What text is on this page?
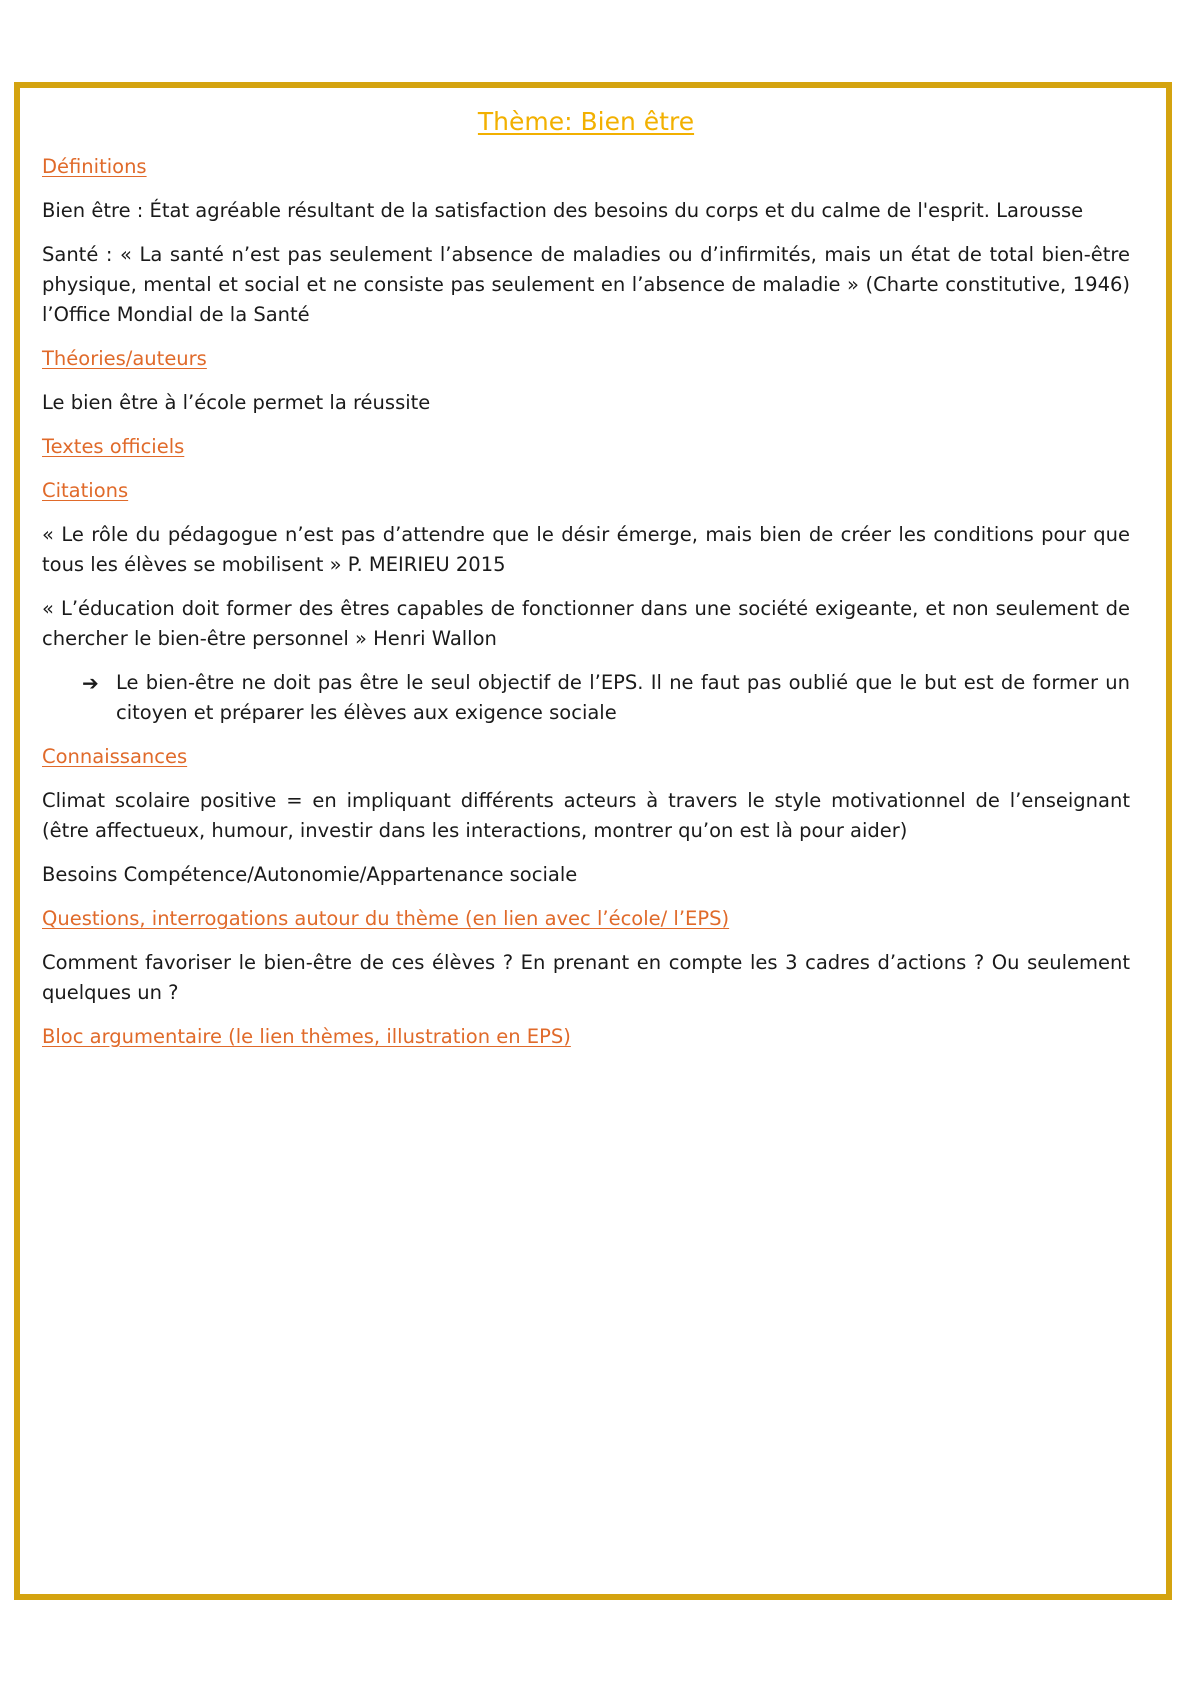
Thème: Bien être
Définitions
Bien être : État agréable résultant de la satisfaction des besoins du corps et du calme de l'esprit. Larousse
Santé : « La santé n’est pas seulement l’absence de maladies ou d’infirmités, mais un état de total bien-être physique, mental et social et ne consiste pas seulement en l’absence de maladie » (Charte constitutive, 1946) l’Office Mondial de la Santé
Théories/auteurs
Le bien être à l’école permet la réussite
Textes officiels
Citations
« Le rôle du pédagogue n’est pas d’attendre que le désir émerge, mais bien de créer les conditions pour que tous les élèves se mobilisent » P. MEIRIEU 2015
« L’éducation doit former des êtres capables de fonctionner dans une société exigeante, et non seulement de chercher le bien-être personnel » Henri Wallon
➔ Le bien-être ne doit pas être le seul objectif de l’EPS. Il ne faut pas oublié que le but est de former un citoyen et préparer les élèves aux exigence sociale
Connaissances
Climat scolaire positive = en impliquant différents acteurs à travers le style motivationnel de l’enseignant (être affectueux, humour, investir dans les interactions, montrer qu’on est là pour aider)
Besoins Compétence/Autonomie/Appartenance sociale
Questions, interrogations autour du thème (en lien avec l’école/ l’EPS)
Comment favoriser le bien-être de ces élèves ? En prenant en compte les 3 cadres d’actions ? Ou seulement quelques un ?
Bloc argumentaire (le lien thèmes, illustration en EPS)
